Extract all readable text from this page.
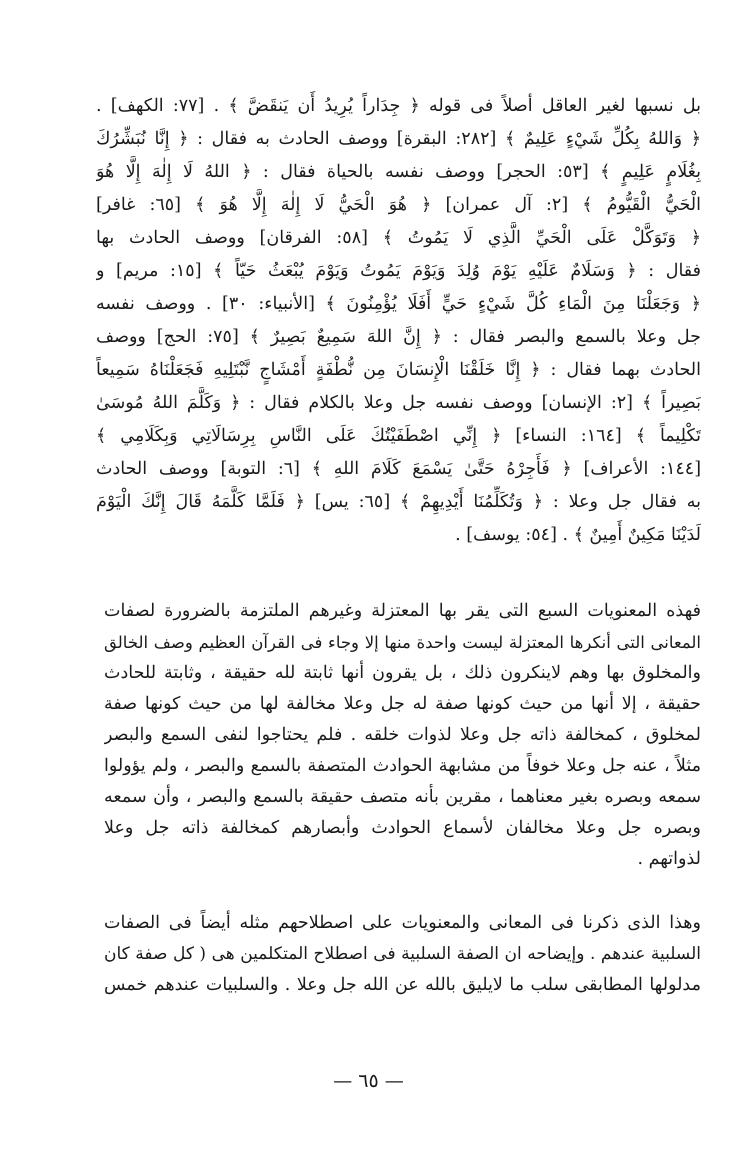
بل نسبها لغير العاقل أصلاً فى قوله ﴿ جِدَاراً يُرِيدُ أَن يَنقَضَّ ﴾ . [٧٧: الكهف] .
﴿ وَاللهُ بِكُلِّ شَيْءٍ عَلِيمٌ ﴾ [٢٨٢: البقرة] ووصف الحادث به فقال : ﴿ إِنَّا نُبَشِّرُكَ
بِغُلَامٍ عَلِيمٍ ﴾ [٥٣: الحجر] ووصف نفسه بالحياة فقال : ﴿ اللهُ لَا إِلٰهَ إِلَّا هُوَ
الْحَيُّ الْقَيُّومُ ﴾ [٢: آل عمران] ﴿ هُوَ الْحَيُّ لَا إِلٰهَ إِلَّا هُوَ ﴾ [٦٥: غافر]
﴿ وَتَوَكَّلْ عَلَى الْحَيِّ الَّذِي لَا يَمُوتُ ﴾ [٥٨: الفرقان] ووصف الحادث بها
فقال : ﴿ وَسَلَامٌ عَلَيْهِ يَوْمَ وُلِدَ وَيَوْمَ يَمُوتُ وَيَوْمَ يُبْعَثُ حَيّاً ﴾ [١٥: مريم] و
﴿ وَجَعَلْنَا مِنَ الْمَاءِ كُلَّ شَيْءٍ حَيٍّ أَفَلَا يُؤْمِنُونَ ﴾ [الأنبياء: ٣٠] . ووصف نفسه
جل وعلا بالسمع والبصر فقال : ﴿ إِنَّ اللهَ سَمِيعٌ بَصِيرٌ ﴾ [٧٥: الحج] ووصف
الحادث بهما فقال : ﴿ إِنَّا خَلَقْنَا الْإِنسَانَ مِن نُّطْفَةٍ أَمْشَاجٍ نَّبْتَلِيهِ فَجَعَلْنَاهُ سَمِيعاً
بَصِيراً ﴾ [٢: الإنسان] ووصف نفسه جل وعلا بالكلام فقال : ﴿ وَكَلَّمَ اللهُ مُوسَىٰ
تَكْلِيماً ﴾ [١٦٤: النساء] ﴿ إِنِّي اصْطَفَيْتُكَ عَلَى النَّاسِ بِرِسَالَاتِي وَبِكَلَامِي ﴾
[١٤٤: الأعراف] ﴿ فَأَجِرْهُ حَتَّىٰ يَسْمَعَ كَلَامَ اللهِ ﴾ [٦: التوبة] ووصف الحادث
به فقال جل وعلا : ﴿ وَتُكَلِّمُنَا أَيْدِيهِمْ ﴾ [٦٥: يس] ﴿ فَلَمَّا كَلَّمَهُ قَالَ إِنَّكَ الْيَوْمَ
لَدَيْنَا مَكِينٌ أَمِينٌ ﴾ . [٥٤: يوسف] .
فهذه المعنويات السبع التى يقر بها المعتزلة وغيرهم الملتزمة بالضرورة لصفات
المعانى التى أنكرها المعتزلة ليست واحدة منها إلا وجاء فى القرآن العظيم وصف الخالق
والمخلوق بها وهم لاينكرون ذلك ، بل يقرون أنها ثابتة لله حقيقة ، وثابتة للحادث
حقيقة ، إلا أنها من حيث كونها صفة له جل وعلا مخالفة لها من حيث كونها صفة
لمخلوق ، كمخالفة ذاته جل وعلا لذوات خلقه . فلم يحتاجوا لنفى السمع والبصر
مثلاً ، عنه جل وعلا خوفاً من مشابهة الحوادث المتصفة بالسمع والبصر ، ولم يؤولوا
سمعه وبصره بغير معناهما ، مقرين بأنه متصف حقيقة بالسمع والبصر ، وأن سمعه
وبصره جل وعلا مخالفان لأسماع الحوادث وأبصارهم كمخالفة ذاته جل وعلا
لذواتهم .
وهذا الذى ذكرنا فى المعانى والمعنويات على اصطلاحهم مثله أيضاً فى الصفات
السلبية عندهم . وإيضاحه ان الصفة السلبية فى اصطلاح المتكلمين هى ( كل صفة كان
مدلولها المطابقى سلب ما لايليق بالله عن الله جل وعلا . والسلبيات عندهم خمس
— ٦٥ —
